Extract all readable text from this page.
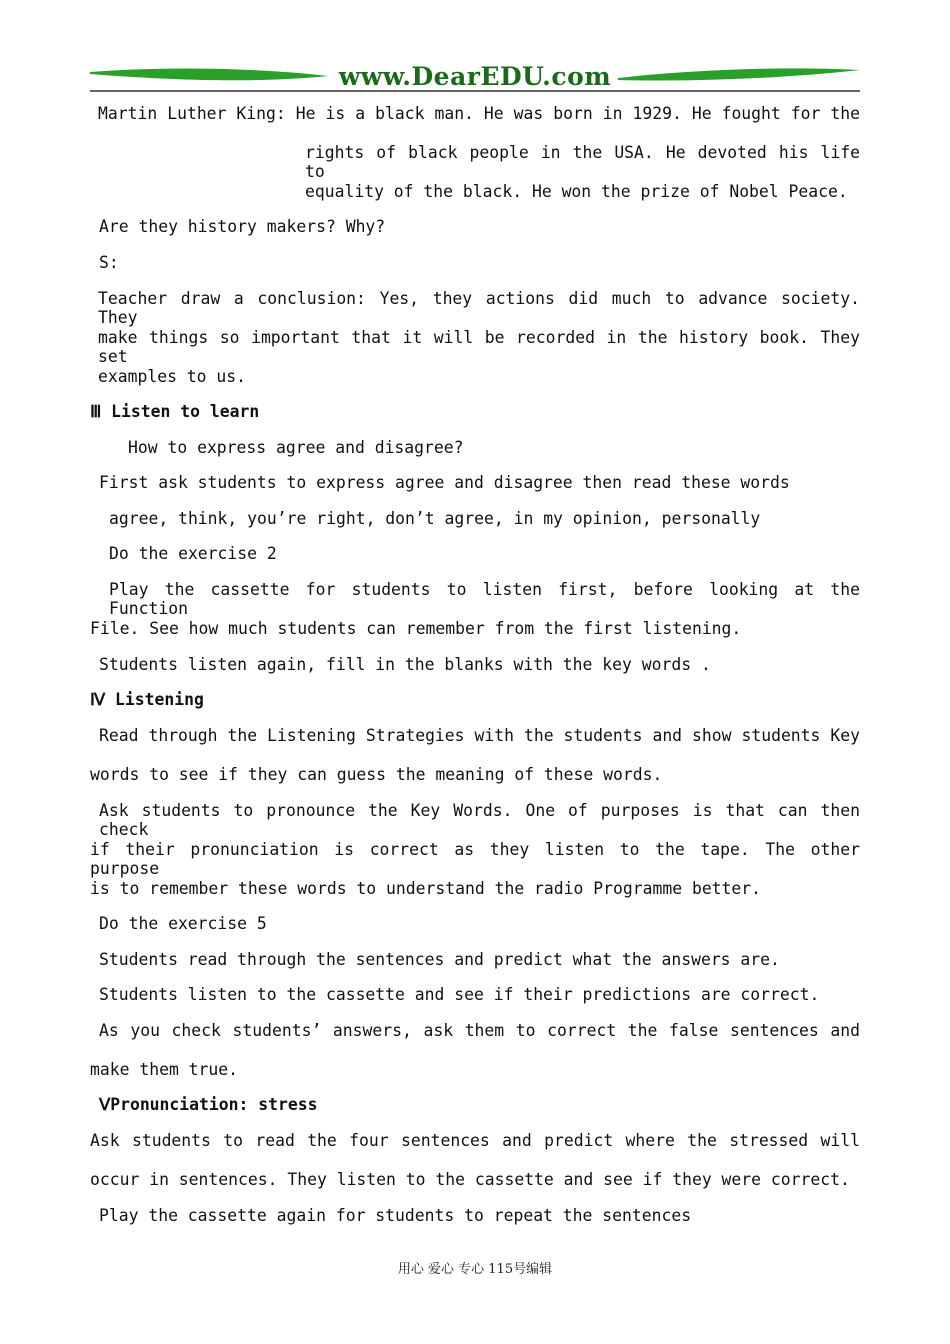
www.DearEDU.com
Martin Luther King: He is a black man. He was born in 1929. He fought for the
rights of black people in the USA. He devoted his life to
equality of the black. He won the prize of Nobel Peace.
Are they history makers? Why?
S:
Teacher draw a conclusion: Yes, they actions did much to advance society. They
make things so important that it will be recorded in the history book. They set
examples to us.
Ⅲ Listen to learn
How to express agree and disagree?
First ask students to express agree and disagree then read these words
agree, think, you’re right, don’t agree, in my opinion, personally
Do the exercise 2
Play the cassette for students to listen first, before looking at the Function
File. See how much students can remember from the first listening.
Students listen again, fill in the blanks with the key words .
Ⅳ Listening
Read through the Listening Strategies with the students and show students Key
words to see if they can guess the meaning of these words.
Ask students to pronounce the Key Words. One of purposes is that can then check
if their pronunciation is correct as they listen to the tape. The other purpose
is to remember these words to understand the radio Programme better.
Do the exercise 5
Students read through the sentences and predict what the answers are.
Students listen to the cassette and see if their predictions are correct.
As you check students’ answers, ask them to correct the false sentences and
make them true.
ⅤPronunciation: stress
Ask students to read the four sentences and predict where the stressed will
occur in sentences. They listen to the cassette and see if they were correct.
Play the cassette again for students to repeat the sentences
用心 爱心 专心 115号编辑
